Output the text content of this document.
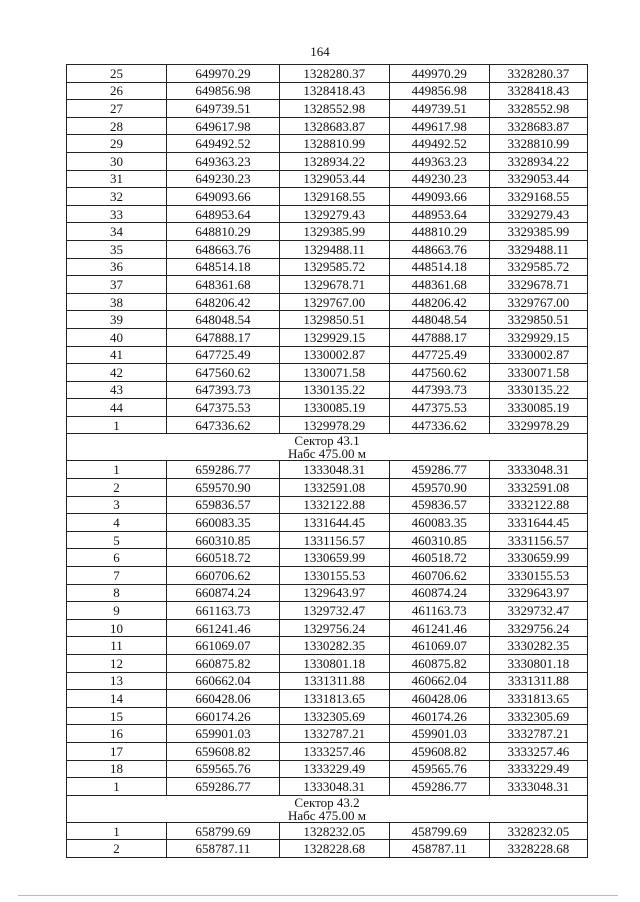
164
25	649970.29	1328280.37	449970.29	3328280.37
26	649856.98	1328418.43	449856.98	3328418.43
27	649739.51	1328552.98	449739.51	3328552.98
28	649617.98	1328683.87	449617.98	3328683.87
29	649492.52	1328810.99	449492.52	3328810.99
30	649363.23	1328934.22	449363.23	3328934.22
31	649230.23	1329053.44	449230.23	3329053.44
32	649093.66	1329168.55	449093.66	3329168.55
33	648953.64	1329279.43	448953.64	3329279.43
34	648810.29	1329385.99	448810.29	3329385.99
35	648663.76	1329488.11	448663.76	3329488.11
36	648514.18	1329585.72	448514.18	3329585.72
37	648361.68	1329678.71	448361.68	3329678.71
38	648206.42	1329767.00	448206.42	3329767.00
39	648048.54	1329850.51	448048.54	3329850.51
40	647888.17	1329929.15	447888.17	3329929.15
41	647725.49	1330002.87	447725.49	3330002.87
42	647560.62	1330071.58	447560.62	3330071.58
43	647393.73	1330135.22	447393.73	3330135.22
44	647375.53	1330085.19	447375.53	3330085.19
1	647336.62	1329978.29	447336.62	3329978.29

Сектор 43.1
Набс 475.00 м				

1	659286.77	1333048.31	459286.77	3333048.31
2	659570.90	1332591.08	459570.90	3332591.08
3	659836.57	1332122.88	459836.57	3332122.88
4	660083.35	1331644.45	460083.35	3331644.45
5	660310.85	1331156.57	460310.85	3331156.57
6	660518.72	1330659.99	460518.72	3330659.99
7	660706.62	1330155.53	460706.62	3330155.53
8	660874.24	1329643.97	460874.24	3329643.97
9	661163.73	1329732.47	461163.73	3329732.47
10	661241.46	1329756.24	461241.46	3329756.24
11	661069.07	1330282.35	461069.07	3330282.35
12	660875.82	1330801.18	460875.82	3330801.18
13	660662.04	1331311.88	460662.04	3331311.88
14	660428.06	1331813.65	460428.06	3331813.65
15	660174.26	1332305.69	460174.26	3332305.69
16	659901.03	1332787.21	459901.03	3332787.21
17	659608.82	1333257.46	459608.82	3333257.46
18	659565.76	1333229.49	459565.76	3333229.49
1	659286.77	1333048.31	459286.77	3333048.31

Сектор 43.2
Набс 475.00 м				

1	658799.69	1328232.05	458799.69	3328232.05
2	658787.11	1328228.68	458787.11	3328228.68
